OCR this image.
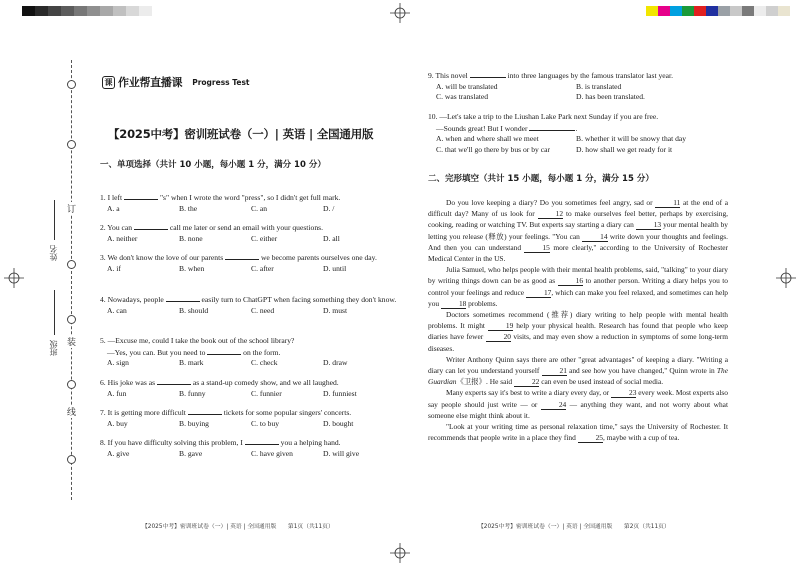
订
装
线
姓名
班级
课 作业帮直播课 Progress Test
【2025中考】密训班试卷（一）| 英语 | 全国通用版
一、单项选择（共计 10 小题，每小题 1 分，满分 10 分）
1. I left	"s" when I wrote the word "press", so I didn't get full mark.
A. a	B. the	C. an	D. /
2. You can	call me later or send an email with your questions.
A. neither	B. none	C. either	D. all
3. We don't know the love of our parents	we become parents ourselves one day.
A. if	B. when	C. after	D. until
4. Nowadays, people	easily turn to ChatGPT when facing something they don't know.
A. can	B. should	C. need	D. must
5. —Excuse me, could I take the book out of the school library?
—Yes, you can. But you need to	on the form.
A. sign	B. mark	C. check	D. draw
6. His joke was as	as a stand-up comedy show, and we all laughed.
A. fun	B. funny	C. funnier	D. funniest
7. It is getting more difficult	tickets for some popular singers' concerts.
A. buy	B. buying	C. to buy	D. bought
8. If you have difficulty solving this problem, I	you a helping hand.
A. give	B. gave	C. have given	D. will give
【2025中考】密训班试卷（一）| 英语 | 全国通用版　　第1页（共11页）
9. This novel	into three languages by the famous translator last year.
A. will be translated	B. is translated
C. was translated	D. has been translated.
10. —Let's take a trip to the Liushan Lake Park next Sunday if you are free.
—Sounds great! But I wonder	.
A. when and where shall we meet	B. whether it will be snowy that day
C. that we'll go there by bus or by car	D. how shall we get ready for it
二、完形填空（共计 15 小题，每小题 1 分，满分 15 分）

Do you love keeping a diary? Do you sometimes feel angry, sad or 11 at the end of a difficult day? Many of us look for 12 to make ourselves feel better, perhaps by exercising, cooking, reading or watching TV. But experts say starting a diary can 13 your mental health by letting you release (释放) your feelings. "You can 14 write down your thoughts and feelings. And then you can understand 15 more clearly," according to the University of Rochester Medical Center in the US.

Julia Samuel, who helps people with their mental health problems, said, "talking" to your diary by writing things down can be as good as 16 to another person. Writing a diary helps you to control your feelings and reduce 17, which can make you feel relaxed, and sometimes can help you 18 problems.

Doctors sometimes recommend (推荐) diary writing to help people with mental health problems. It might 19 help your physical health. Research has found that people who keep diaries have fewer 20 visits, and may even show a reduction in symptoms of some long-term diseases.

Writer Anthony Quinn says there are other "great advantages" of keeping a diary. "Writing a diary can let you understand yourself 21 and see how you have changed," Quinn wrote in The Guardian《卫报》. He said 22 can even be used instead of social media.

Many experts say it's best to write a diary every day, or 23 every week. Most experts also say people should just write — or 24 — anything they want, and not worry about what someone else might think about it.

"Look at your writing time as personal relaxation time," says the University of Rochester. It recommends that people write in a place they find 25, maybe with a cup of tea.

【2025中考】密训班试卷（一）| 英语 | 全国通用版　　第2页（共11页）
